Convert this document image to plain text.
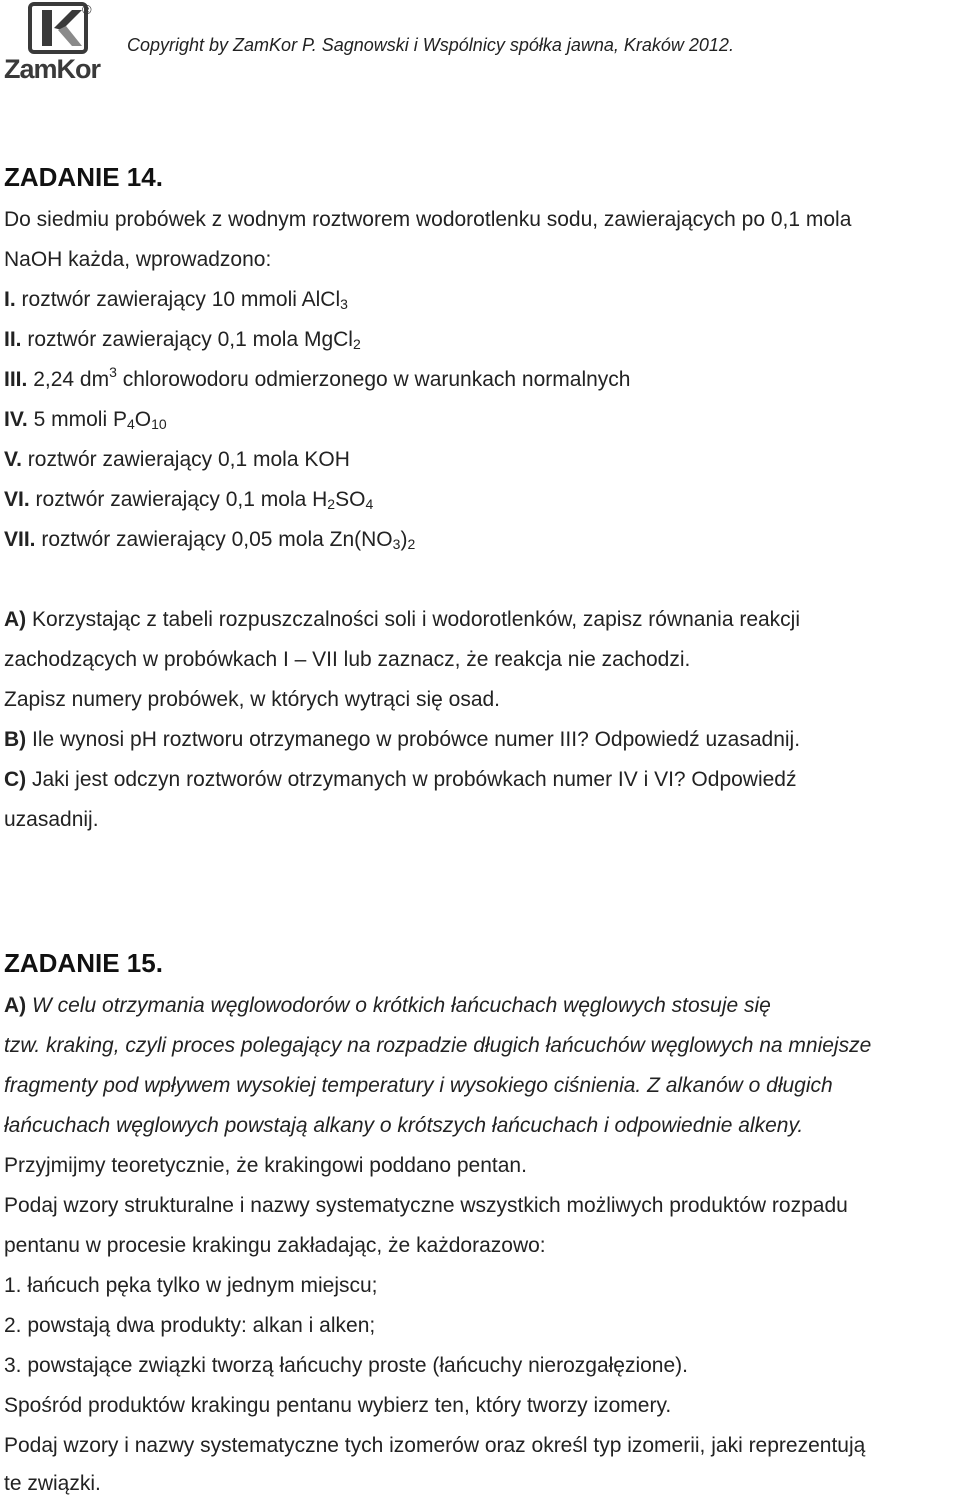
®
ZamKor
Copyright by ZamKor P. Sagnowski i Wspólnicy spółka jawna, Kraków 2012.
ZADANIE 14.
Do siedmiu probówek z wodnym roztworem wodorotlenku sodu, zawierających po 0,1 mola
NaOH każda, wprowadzono:
I. roztwór zawierający 10 mmoli AlCl$_3$
II. roztwór zawierający 0,1 mola MgCl$_2$
III. 2,24 $dm^3$ chlorowodoru odmierzonego w warunkach normalnych
IV. 5 mmoli $P_4O_{10}$
V. roztwór zawierający 0,1 mola KOH
VI. roztwór zawierający 0,1 mola $H_2SO_4$
VII. roztwór zawierający 0,05 mola $Zn(NO_3)_2$
A) Korzystając z tabeli rozpuszczalności soli i wodorotlenków, zapisz równania reakcji
zachodzących w probówkach I – VII lub zaznacz, że reakcja nie zachodzi.
Zapisz numery probówek, w których wytrąci się osad.
B) Ile wynosi pH roztworu otrzymanego w probówce numer III? Odpowiedź uzasadnij.
C) Jaki jest odczyn roztworów otrzymanych w probówkach numer IV i VI? Odpowiedź
uzasadnij.
ZADANIE 15.
A) W celu otrzymania węglowodorów o krótkich łańcuchach węglowych stosuje się
tzw. kraking, czyli proces polegający na rozpadzie długich łańcuchów węglowych na mniejsze
fragmenty pod wpływem wysokiej temperatury i wysokiego ciśnienia. Z alkanów o długich
łańcuchach węglowych powstają alkany o krótszych łańcuchach i odpowiednie alkeny.
Przyjmijmy teoretycznie, że krakingowi poddano pentan.
Podaj wzory strukturalne i nazwy systematyczne wszystkich możliwych produktów rozpadu
pentanu w procesie krakingu zakładając, że każdorazowo:
1. łańcuch pęka tylko w jednym miejscu;
2. powstają dwa produkty: alkan i alken;
3. powstające związki tworzą łańcuchy proste (łańcuchy nierozgałęzione).
Spośród produktów krakingu pentanu wybierz ten, który tworzy izomery.
Podaj wzory i nazwy systematyczne tych izomerów oraz określ typ izomerii, jaki reprezentują
te związki.
